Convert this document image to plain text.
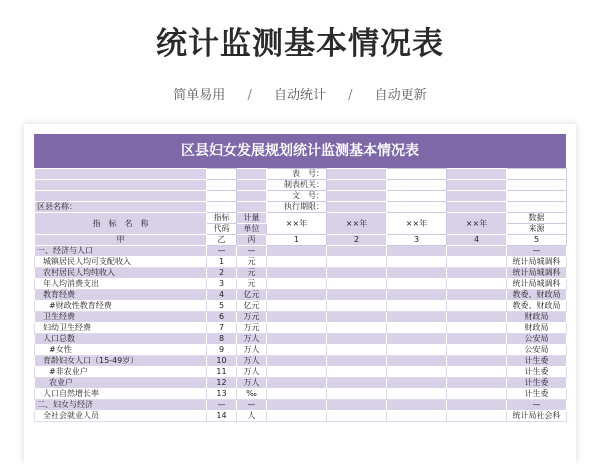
统计监测基本情况表
简单易用 / 自动统计 / 自动更新
区县妇女发展规划统计监测基本情况表
			表　号：				
			制表机关：				
			文　号：				
区县名称：			执行期限：				
指　标　名　称	指标	计量	××年	××年	××年	××年	数据
	代码	单位					来源
甲	乙	丙	1	2	3	4	5
一、经济与人口	—	—					—
城镇居民人均可支配收入	1	元					统计局城调科
农村居民人均纯收入	2	元					统计局城调科
年人均消费支出	3	元					统计局城调科
教育经费	4	亿元					教委、财政局
#财政性教育经费	5	亿元					教委、财政局
卫生经费	6	万元					财政局
妇幼卫生经费	7	万元					财政局
人口总数	8	万人					公安局
#女性	9	万人					公安局
育龄妇女人口（15-49岁）	10	万人					计生委
#非农业户	11	万人					计生委
农业户	12	万人					计生委
人口自然增长率	13	‰					计生委
二、妇女与经济	—	—					—
全社会就业人员	14	人					统计局社会科
